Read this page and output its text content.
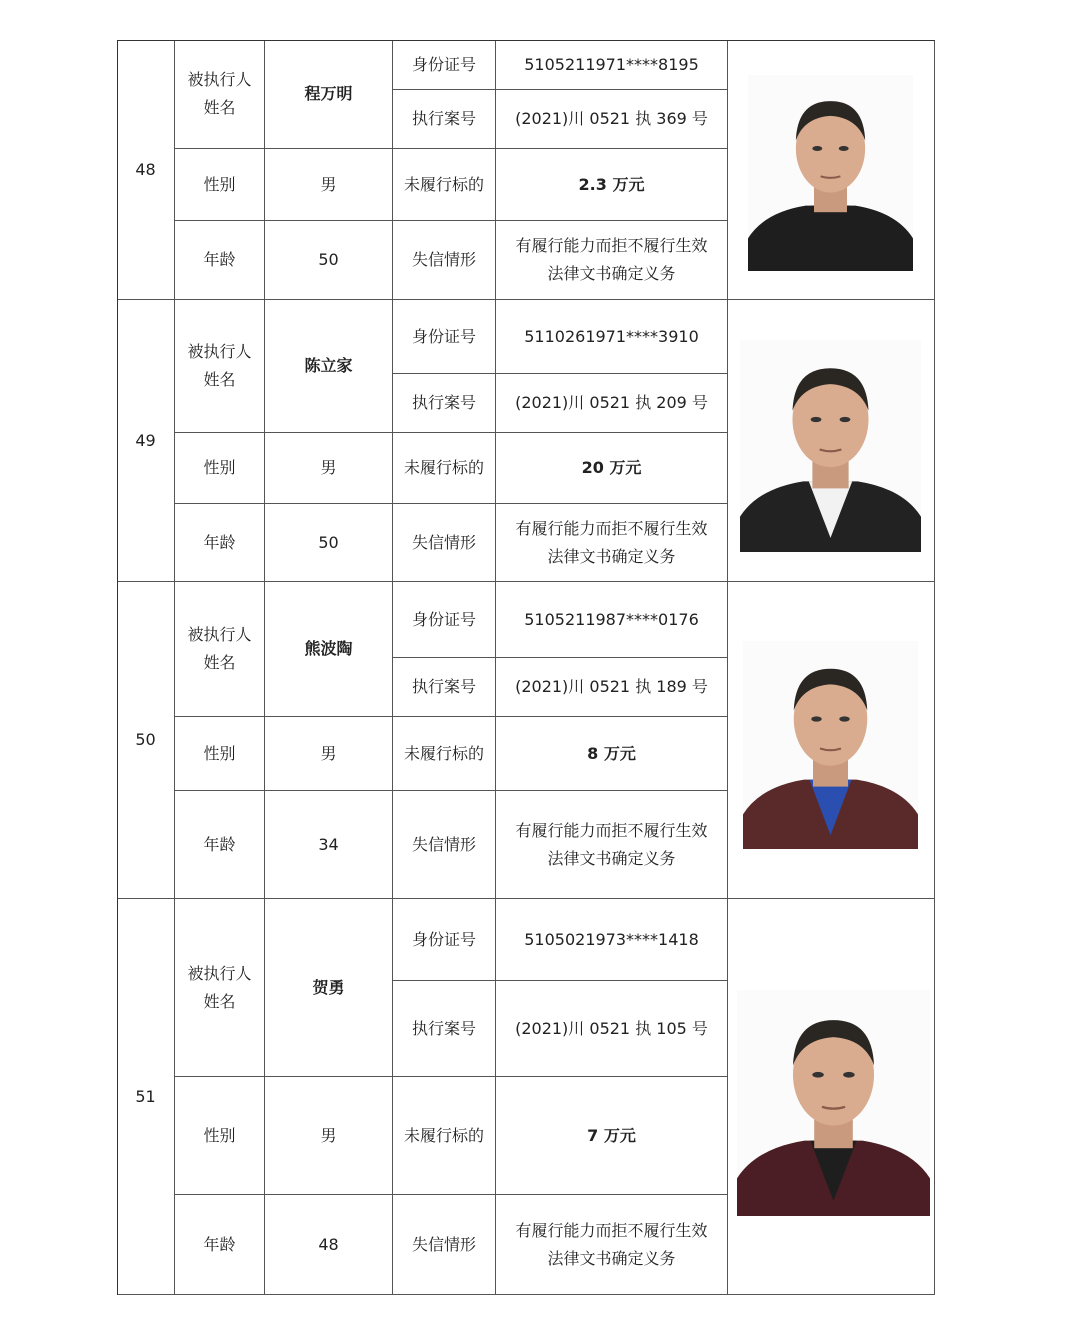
48
被执行人
姓名
程万明
身份证号	5105211971****8195
执行案号 (2021)川 0521 执 369 号
性别	男	未履行标的	2.3 万元
年龄	50	失信情形
有履行能力而拒不履行生效
法律文书确定义务
49
被执行人
姓名
陈立家
身份证号	5110261971****3910
执行案号 (2021)川 0521 执 209 号
性别	男	未履行标的	20 万元
年龄	50	失信情形
有履行能力而拒不履行生效
法律文书确定义务
50
被执行人
姓名
熊波陶
身份证号	5105211987****0176
执行案号 (2021)川 0521 执 189 号
性别	男	未履行标的	8 万元
年龄	34	失信情形
有履行能力而拒不履行生效
法律文书确定义务
51
被执行人
姓名
贺勇
身份证号	5105021973****1418
执行案号 (2021)川 0521 执 105 号
性别	男	未履行标的	7 万元
年龄	48	失信情形
有履行能力而拒不履行生效
法律文书确定义务
